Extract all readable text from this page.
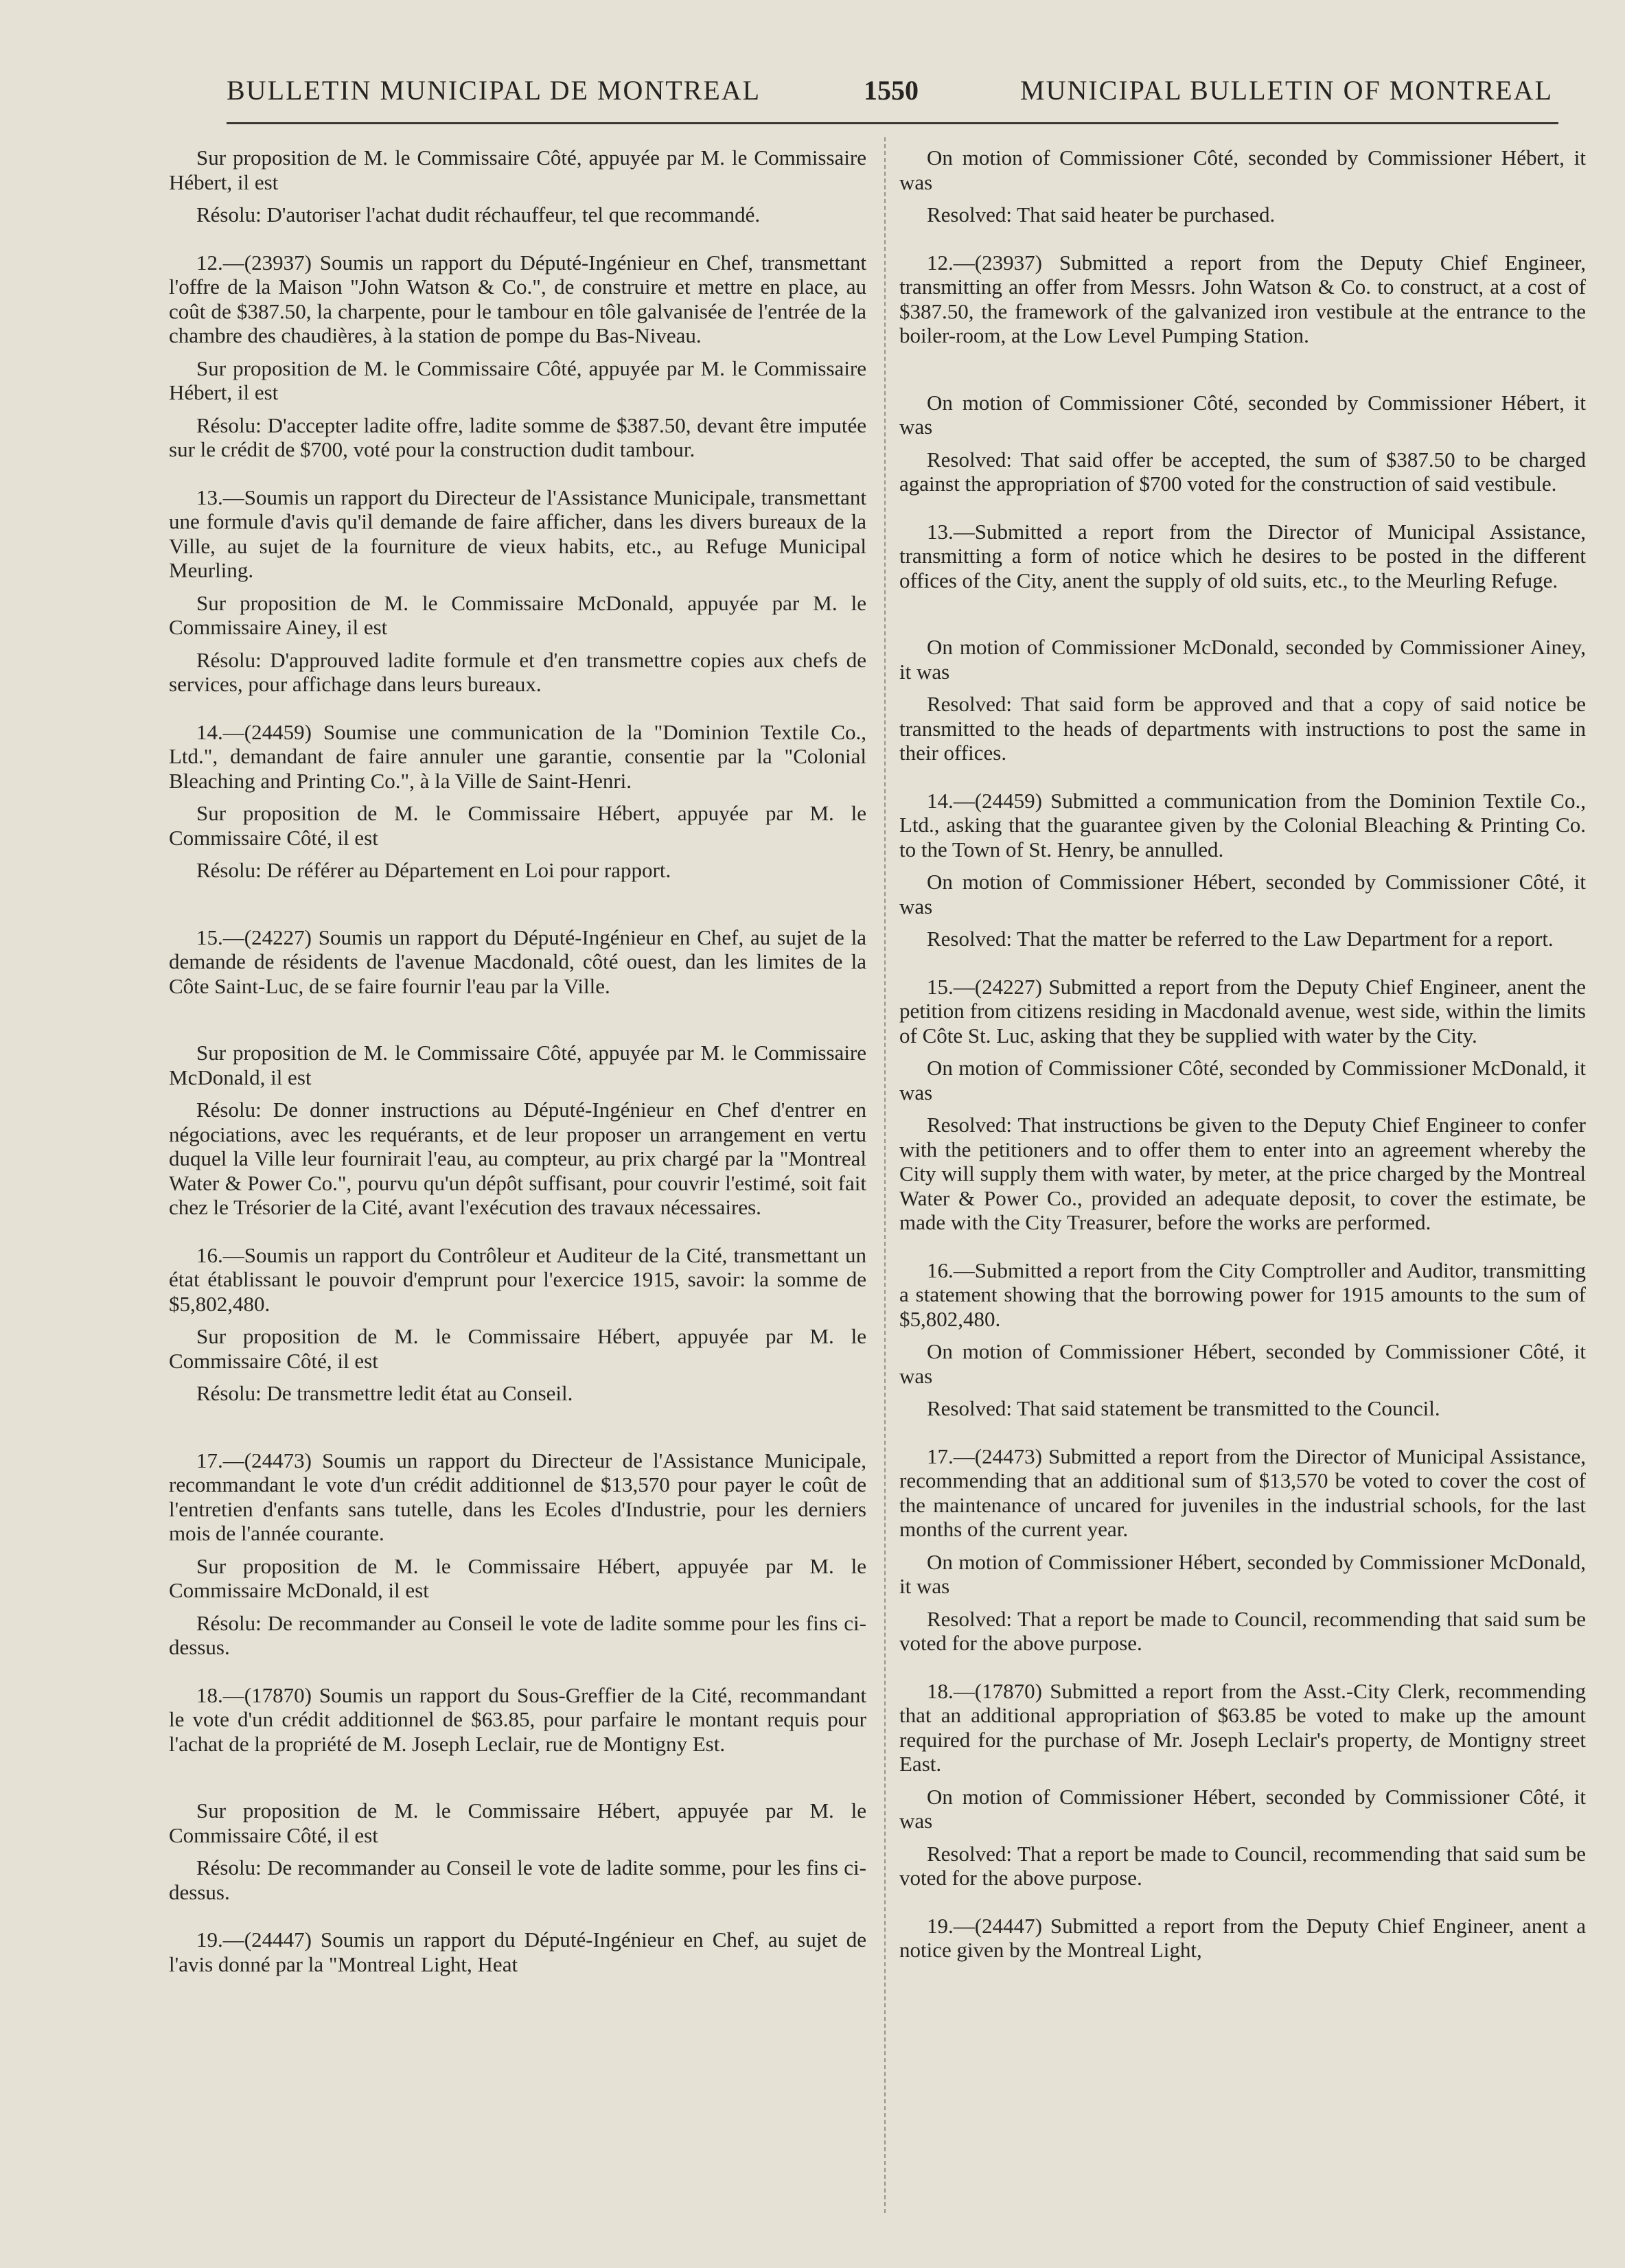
BULLETIN MUNICIPAL DE MONTREAL	1550	MUNICIPAL BULLETIN OF MONTREAL

Sur proposition de M. le Commissaire Côté, appuyée par M. le Commissaire Hébert, il est

Résolu: D'autoriser l'achat dudit réchauffeur, tel que recommandé.

12.—(23937) Soumis un rapport du Député-Ingénieur en Chef, transmettant l'offre de la Maison "John Watson & Co.", de construire et mettre en place, au coût de $387.50, la charpente, pour le tambour en tôle galvanisée de l'entrée de la chambre des chaudières, à la station de pompe du Bas-Niveau.

Sur proposition de M. le Commissaire Côté, appuyée par M. le Commissaire Hébert, il est

Résolu: D'accepter ladite offre, ladite somme de $387.50, devant être imputée sur le crédit de $700, voté pour la construction dudit tambour.

13.—Soumis un rapport du Directeur de l'Assistance Municipale, transmettant une formule d'avis qu'il demande de faire afficher, dans les divers bureaux de la Ville, au sujet de la fourniture de vieux habits, etc., au Refuge Municipal Meurling.

Sur proposition de M. le Commissaire McDonald, appuyée par M. le Commissaire Ainey, il est

Résolu: D'approuved ladite formule et d'en transmettre copies aux chefs de services, pour affichage dans leurs bureaux.

14.—(24459) Soumise une communication de la "Dominion Textile Co., Ltd.", demandant de faire annuler une garantie, consentie par la "Colonial Bleaching and Printing Co.", à la Ville de Saint-Henri.

Sur proposition de M. le Commissaire Hébert, appuyée par M. le Commissaire Côté, il est

Résolu: De référer au Département en Loi pour rapport.

15.—(24227) Soumis un rapport du Député-Ingénieur en Chef, au sujet de la demande de résidents de l'avenue Macdonald, côté ouest, dan les limites de la Côte Saint-Luc, de se faire fournir l'eau par la Ville.

Sur proposition de M. le Commissaire Côté, appuyée par M. le Commissaire McDonald, il est

Résolu: De donner instructions au Député-Ingénieur en Chef d'entrer en négociations, avec les requérants, et de leur proposer un arrangement en vertu duquel la Ville leur fournirait l'eau, au compteur, au prix chargé par la "Montreal Water & Power Co.", pourvu qu'un dépôt suffisant, pour couvrir l'estimé, soit fait chez le Trésorier de la Cité, avant l'exécution des travaux nécessaires.

16.—Soumis un rapport du Contrôleur et Auditeur de la Cité, transmettant un état établissant le pouvoir d'emprunt pour l'exercice 1915, savoir: la somme de $5,802,480.

Sur proposition de M. le Commissaire Hébert, appuyée par M. le Commissaire Côté, il est

Résolu: De transmettre ledit état au Conseil.

17.—(24473) Soumis un rapport du Directeur de l'Assistance Municipale, recommandant le vote d'un crédit additionnel de $13,570 pour payer le coût de l'entretien d'enfants sans tutelle, dans les Ecoles d'Industrie, pour les derniers mois de l'année courante.

Sur proposition de M. le Commissaire Hébert, appuyée par M. le Commissaire McDonald, il est

Résolu: De recommander au Conseil le vote de ladite somme pour les fins ci-dessus.

18.—(17870) Soumis un rapport du Sous-Greffier de la Cité, recommandant le vote d'un crédit additionnel de $63.85, pour parfaire le montant requis pour l'achat de la propriété de M. Joseph Leclair, rue de Montigny Est.

Sur proposition de M. le Commissaire Hébert, appuyée par M. le Commissaire Côté, il est

Résolu: De recommander au Conseil le vote de ladite somme, pour les fins ci-dessus.

19.—(24447) Soumis un rapport du Député-Ingénieur en Chef, au sujet de l'avis donné par la "Montreal Light, Heat

On motion of Commissioner Côté, seconded by Commissioner Hébert, it was

Resolved: That said heater be purchased.

12.—(23937) Submitted a report from the Deputy Chief Engineer, transmitting an offer from Messrs. John Watson & Co. to construct, at a cost of $387.50, the framework of the galvanized iron vestibule at the entrance to the boiler-room, at the Low Level Pumping Station.

On motion of Commissioner Côté, seconded by Commissioner Hébert, it was

Resolved: That said offer be accepted, the sum of $387.50 to be charged against the appropriation of $700 voted for the construction of said vestibule.

13.—Submitted a report from the Director of Municipal Assistance, transmitting a form of notice which he desires to be posted in the different offices of the City, anent the supply of old suits, etc., to the Meurling Refuge.

On motion of Commissioner McDonald, seconded by Commissioner Ainey, it was

Resolved: That said form be approved and that a copy of said notice be transmitted to the heads of departments with instructions to post the same in their offices.

14.—(24459) Submitted a communication from the Dominion Textile Co., Ltd., asking that the guarantee given by the Colonial Bleaching & Printing Co. to the Town of St. Henry, be annulled.

On motion of Commissioner Hébert, seconded by Commissioner Côté, it was

Resolved: That the matter be referred to the Law Department for a report.

15.—(24227) Submitted a report from the Deputy Chief Engineer, anent the petition from citizens residing in Macdonald avenue, west side, within the limits of Côte St. Luc, asking that they be supplied with water by the City.

On motion of Commissioner Côté, seconded by Commissioner McDonald, it was

Resolved: That instructions be given to the Deputy Chief Engineer to confer with the petitioners and to offer them to enter into an agreement whereby the City will supply them with water, by meter, at the price charged by the Montreal Water & Power Co., provided an adequate deposit, to cover the estimate, be made with the City Treasurer, before the works are performed.

16.—Submitted a report from the City Comptroller and Auditor, transmitting a statement showing that the borrowing power for 1915 amounts to the sum of $5,802,480.

On motion of Commissioner Hébert, seconded by Commissioner Côté, it was

Resolved: That said statement be transmitted to the Council.

17.—(24473) Submitted a report from the Director of Municipal Assistance, recommending that an additional sum of $13,570 be voted to cover the cost of the maintenance of uncared for juveniles in the industrial schools, for the last months of the current year.

On motion of Commissioner Hébert, seconded by Commissioner McDonald, it was

Resolved: That a report be made to Council, recommending that said sum be voted for the above purpose.

18.—(17870) Submitted a report from the Asst.-City Clerk, recommending that an additional appropriation of $63.85 be voted to make up the amount required for the purchase of Mr. Joseph Leclair's property, de Montigny street East.

On motion of Commissioner Hébert, seconded by Commissioner Côté, it was

Resolved: That a report be made to Council, recommending that said sum be voted for the above purpose.

19.—(24447) Submitted a report from the Deputy Chief Engineer, anent a notice given by the Montreal Light,
